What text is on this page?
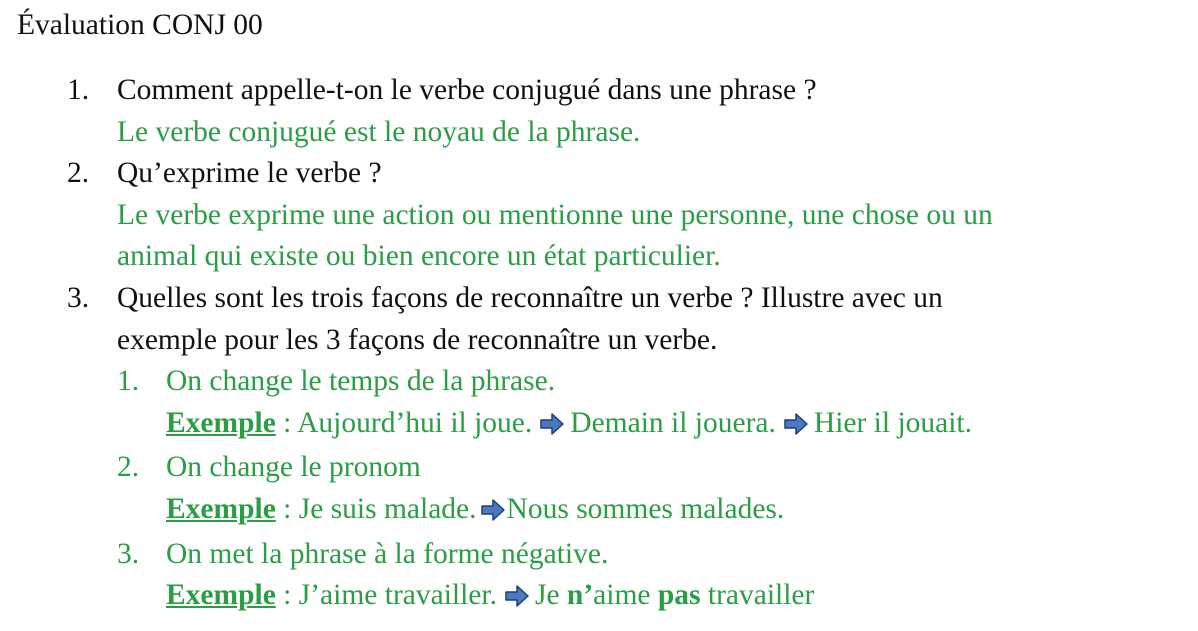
Évaluation CONJ 00
1. Comment appelle-t-on le verbe conjugué dans une phrase ?
Le verbe conjugué est le noyau de la phrase.
2. Qu’exprime le verbe ?
Le verbe exprime une action ou mentionne une personne, une chose ou un
animal qui existe ou bien encore un état particulier.
3. Quelles sont les trois façons de reconnaître un verbe ? Illustre avec un
exemple pour les 3 façons de reconnaître un verbe.
1. On change le temps de la phrase.
Exemple : Aujourd’hui il joue. Demain il jouera. Hier il jouait.
2. On change le pronom
Exemple : Je suis malade. Nous sommes malades.
3. On met la phrase à la forme négative.
Exemple : J’aime travailler. Je n’aime pas travailler
